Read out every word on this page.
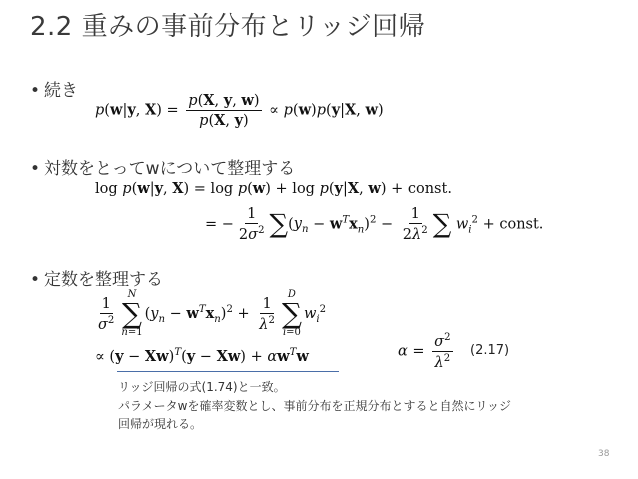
2.2 重みの事前分布とリッジ回帰
• 続き
p(w|y, $X) = \frac{p(X, y, w)}{p(X, y)} \propto p(w)p(y|X$, w)
• 対数をとってwについて整理する
log p(w|y, X) = log p(w) + log p(y|X, w) + const.
= − $\frac{1}{2\sigma^2} \sum(y_n - w^Tx_n)^2 - \frac{1}{2\lambda^2}$ ∑ $w_i^2$ + const.
• 定数を整理する
$\frac{1}{\sigma^2}$
N
∑
n=1
$(y_n - w^Tx_n)^2 + \frac{1}{\lambda^2}$
D
∑
i=0
$w_i^2$
∝ $(y - Xw)^T(y - Xw) + \alpha w^Tw$	$\alpha = \frac{\sigma^2}{\lambda^2} (2.17)$
リッジ回帰の式(1.74)と一致。
パラメータwを確率変数とし、事前分布を正規分布とすると自然にリッジ
回帰が現れる。
38
